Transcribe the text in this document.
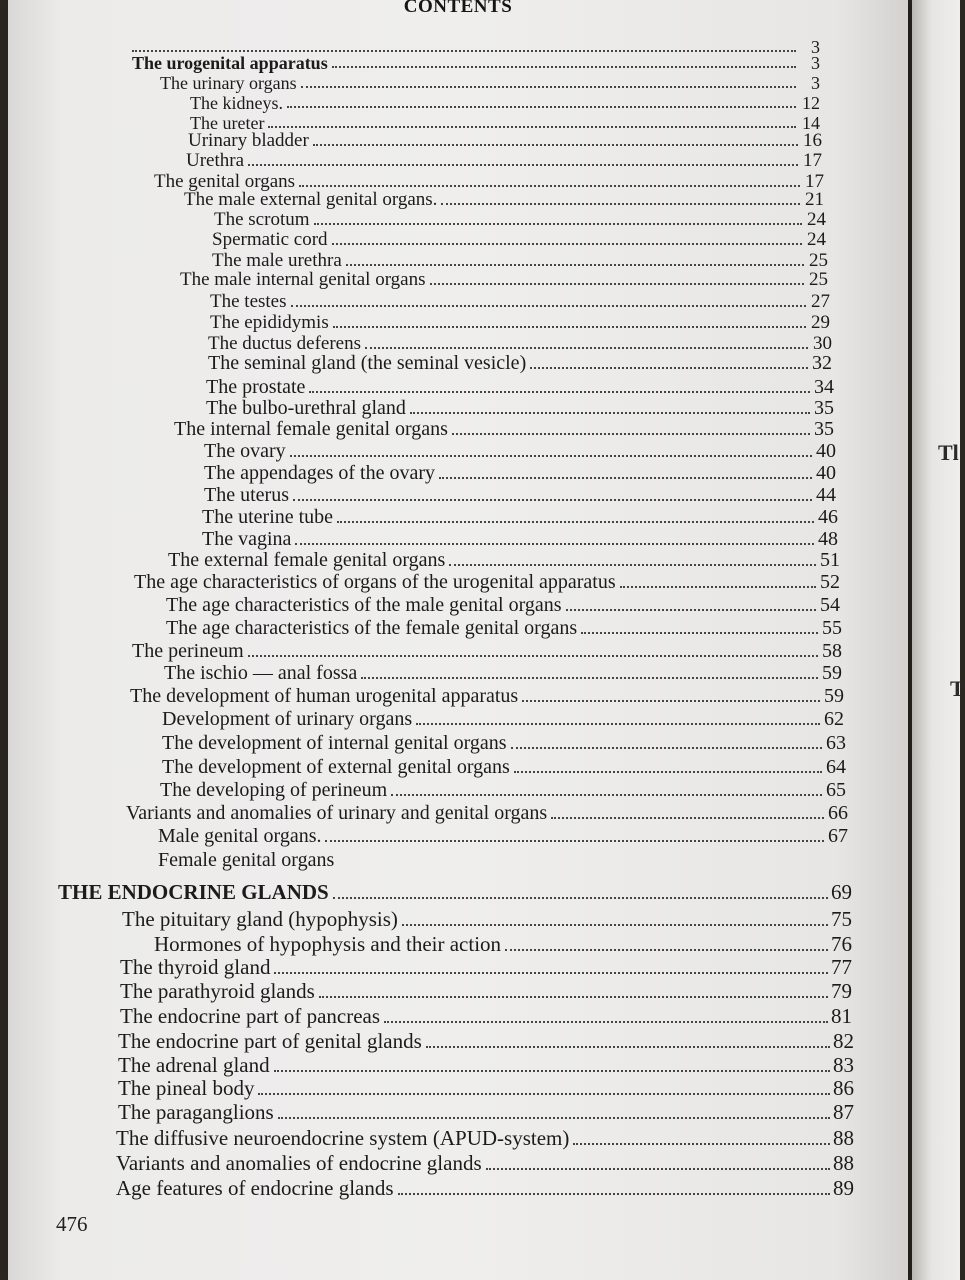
CONTENTS
3
The urogenital apparatus	3
The urinary organs	3
The kidneys.	12
The ureter	14
Urinary bladder	16
Urethra	17
The genital organs	17
The male external genital organs.	21
The scrotum	24
Spermatic cord	24
The male urethra	25
The male internal genital organs	25
The testes	27
The epididymis	29
The ductus deferens	30
The seminal gland (the seminal vesicle)	32
The prostate	34
The bulbo-urethral gland	35
The internal female genital organs	35
The ovary	40
The appendages of the ovary	40
The uterus	44
The uterine tube	46
The vagina	48
The external female genital organs	51
The age characteristics of organs of the urogenital apparatus	52
The age characteristics of the male genital organs	54
The age characteristics of the female genital organs	55
The perineum	58
The ischio — anal fossa	59
The development of human urogenital apparatus	59
Development of urinary organs	62
The development of internal genital organs	63
The development of external genital organs	64
The developing of perineum	65
Variants and anomalies of urinary and genital organs	66
Male genital organs.	67
Female genital organs
THE ENDOCRINE GLANDS	69
The pituitary gland (hypophysis)	75
Hormones of hypophysis and their action	76
The thyroid gland	77
The parathyroid glands	79
The endocrine part of pancreas	81
The endocrine part of genital glands	82
The adrenal gland	83
The pineal body	86
The paraganglions	87
The diffusive neuroendocrine system (APUD-system)	88
Variants and anomalies of endocrine glands	88
Age features of endocrine glands	89
476
Tl
T
